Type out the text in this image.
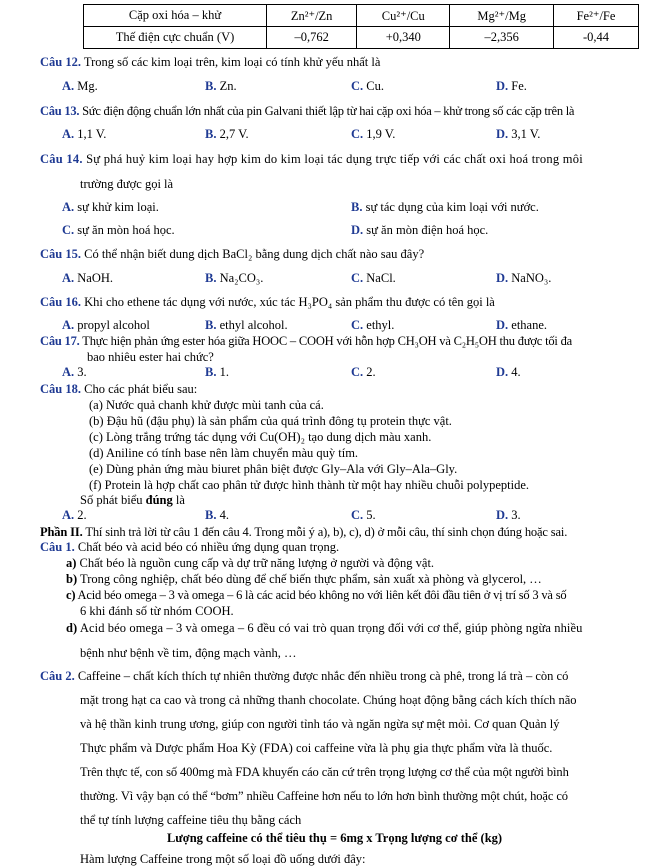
Cặp oxi hóa – khử	Zn²⁺/Zn	Cu²⁺/Cu	Mg²⁺/Mg	Fe²⁺/Fe
Thế điện cực chuẩn (V)	–0,762	+0,340	–2,356	-0,44
Câu 12. Trong số các kim loại trên, kim loại có tính khử yếu nhất là
A. Mg.	B. Zn.	C. Cu.	D. Fe.
Câu 13. Sức điện động chuẩn lớn nhất của pin Galvani thiết lập từ hai cặp oxi hóa – khử trong số các cặp trên là
A. 1,1 V.	B. 2,7 V.	C. 1,9 V.	D. 3,1 V.
Câu 14. Sự phá huỷ kim loại hay hợp kim do kim loại tác dụng trực tiếp với các chất oxi hoá trong môi
trường được gọi là
A. sự khử kim loại.	B. sự tác dụng của kim loại với nước.
C. sự ăn mòn hoá học.	D. sự ăn mòn điện hoá học.
Câu 15. Có thể nhận biết dung dịch BaCl₂ bằng dung dịch chất nào sau đây?
A. NaOH.	B. Na₂CO₃.	C. NaCl.	D. NaNO₃.
Câu 16. Khi cho ethene tác dụng với nước, xúc tác H₃PO₄ sản phẩm thu được có tên gọi là
A. propyl alcohol	B. ethyl alcohol.	C. ethyl.	D. ethane.
Câu 17. Thực hiện phản ứng ester hóa giữa HOOC – COOH với hỗn hợp CH₃OH và C₂H₅OH thu được tối đa
bao nhiêu ester hai chức?
A. 3.	B. 1.	C. 2.	D. 4.
Câu 18. Cho các phát biểu sau:
(a) Nước quả chanh khử được mùi tanh của cá.
(b) Đậu hũ (đậu phụ) là sản phẩm của quá trình đông tụ protein thực vật.
(c) Lòng trắng trứng tác dụng với Cu(OH)₂ tạo dung dịch màu xanh.
(d) Aniline có tính base nên làm chuyển màu quỳ tím.
(e) Dùng phản ứng màu biuret phân biệt được Gly–Ala với Gly–Ala–Gly.
(f) Protein là hợp chất cao phân tử được hình thành từ một hay nhiều chuỗi polypeptide.
Số phát biểu đúng là
A. 2.	B. 4.	C. 5.	D. 3.
Phần II. Thí sinh trả lời từ câu 1 đến câu 4. Trong mỗi ý a), b), c), d) ở mỗi câu, thí sinh chọn đúng hoặc sai.
Câu 1. Chất béo và acid béo có nhiều ứng dụng quan trọng.
a) Chất béo là nguồn cung cấp và dự trữ năng lượng ở người và động vật.
b) Trong công nghiệp, chất béo dùng để chế biến thực phẩm, sản xuất xà phòng và glycerol, …
c) Acid béo omega – 3 và omega – 6 là các acid béo không no với liên kết đôi đầu tiên ở vị trí số 3 và số
6 khi đánh số từ nhóm COOH.
d) Acid béo omega – 3 và omega – 6 đều có vai trò quan trọng đối với cơ thể, giúp phòng ngừa nhiều
bệnh như bệnh về tim, động mạch vành, …
Câu 2. Caffeine – chất kích thích tự nhiên thường được nhắc đến nhiều trong cà phê, trong lá trà – còn có
mặt trong hạt ca cao và trong cả những thanh chocolate. Chúng hoạt động bằng cách kích thích não
và hệ thần kinh trung ương, giúp con người tỉnh táo và ngăn ngừa sự mệt mỏi. Cơ quan Quản lý
Thực phẩm và Dược phẩm Hoa Kỳ (FDA) coi caffeine vừa là phụ gia thực phẩm vừa là thuốc.
Trên thực tế, con số 400mg mà FDA khuyến cáo căn cứ trên trọng lượng cơ thể của một người bình
thường. Vì vậy bạn có thể “bơm” nhiều Caffeine hơn nếu to lớn hơn bình thường một chút, hoặc có
thể tự tính lượng caffeine tiêu thụ bằng cách
Lượng caffeine có thể tiêu thụ = 6mg x Trọng lượng cơ thể (kg)
Hàm lượng Caffeine trong một số loại đồ uống dưới đây:
